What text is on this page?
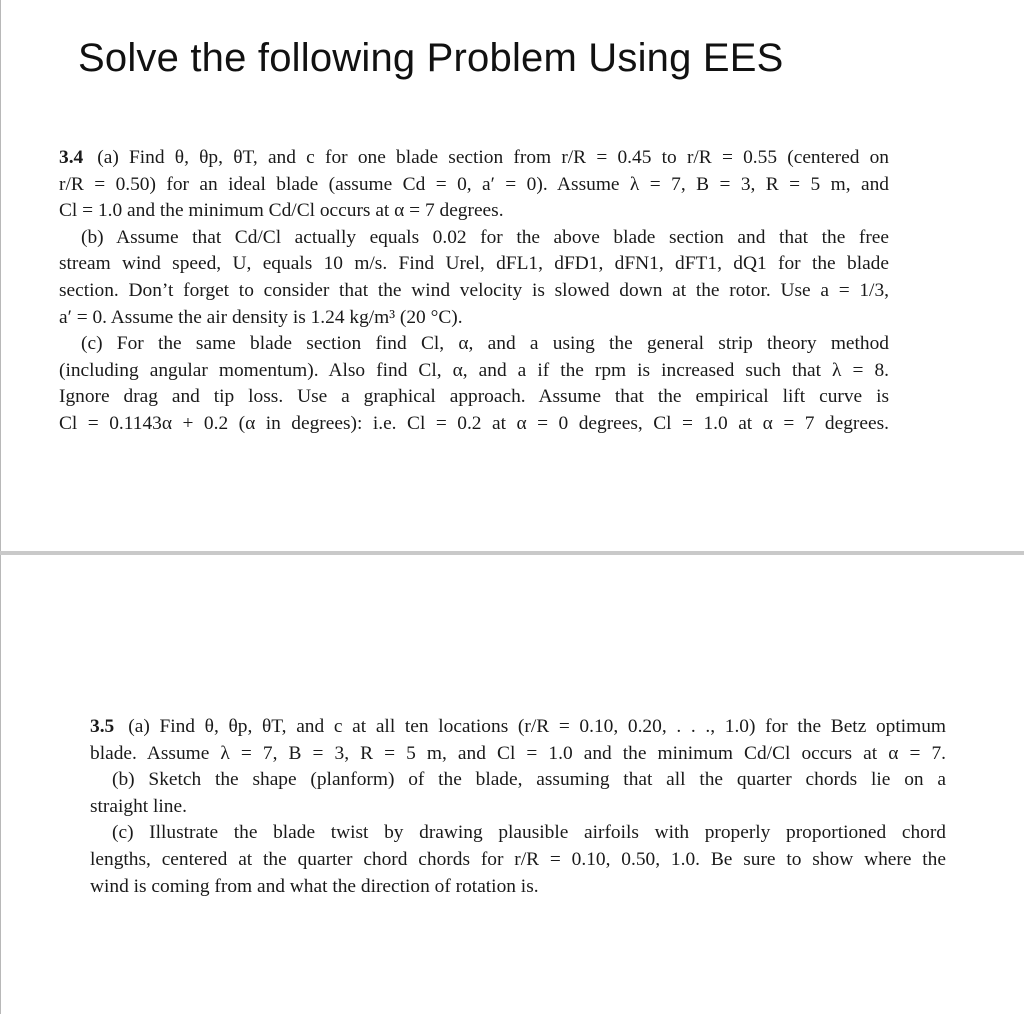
Solve the following Problem Using EES
3.4 (a) Find θ, θp, θT, and c for one blade section from r/R = 0.45 to r/R = 0.55 (centered on
r/R = 0.50) for an ideal blade (assume Cd = 0, a′ = 0). Assume λ = 7, B = 3, R = 5 m, and
Cl = 1.0 and the minimum Cd/Cl occurs at α = 7 degrees.
(b) Assume that Cd/Cl actually equals 0.02 for the above blade section and that the free
stream wind speed, U, equals 10 m/s. Find Urel, dFL1, dFD1, dFN1, dFT1, dQ1 for the blade
section. Don’t forget to consider that the wind velocity is slowed down at the rotor. Use a = 1/3,
a′ = 0. Assume the air density is 1.24 kg/m³ (20 °C).
(c) For the same blade section find Cl, α, and a using the general strip theory method
(including angular momentum). Also find Cl, α, and a if the rpm is increased such that λ = 8.
Ignore drag and tip loss. Use a graphical approach. Assume that the empirical lift curve is
Cl = 0.1143α + 0.2 (α in degrees): i.e. Cl = 0.2 at α = 0 degrees, Cl = 1.0 at α = 7 degrees.
3.5 (a) Find θ, θp, θT, and c at all ten locations (r/R = 0.10, 0.20, . . ., 1.0) for the Betz optimum
blade. Assume λ = 7, B = 3, R = 5 m, and Cl = 1.0 and the minimum Cd/Cl occurs at α = 7.
(b) Sketch the shape (planform) of the blade, assuming that all the quarter chords lie on a
straight line.
(c) Illustrate the blade twist by drawing plausible airfoils with properly proportioned chord
lengths, centered at the quarter chord chords for r/R = 0.10, 0.50, 1.0. Be sure to show where the
wind is coming from and what the direction of rotation is.
